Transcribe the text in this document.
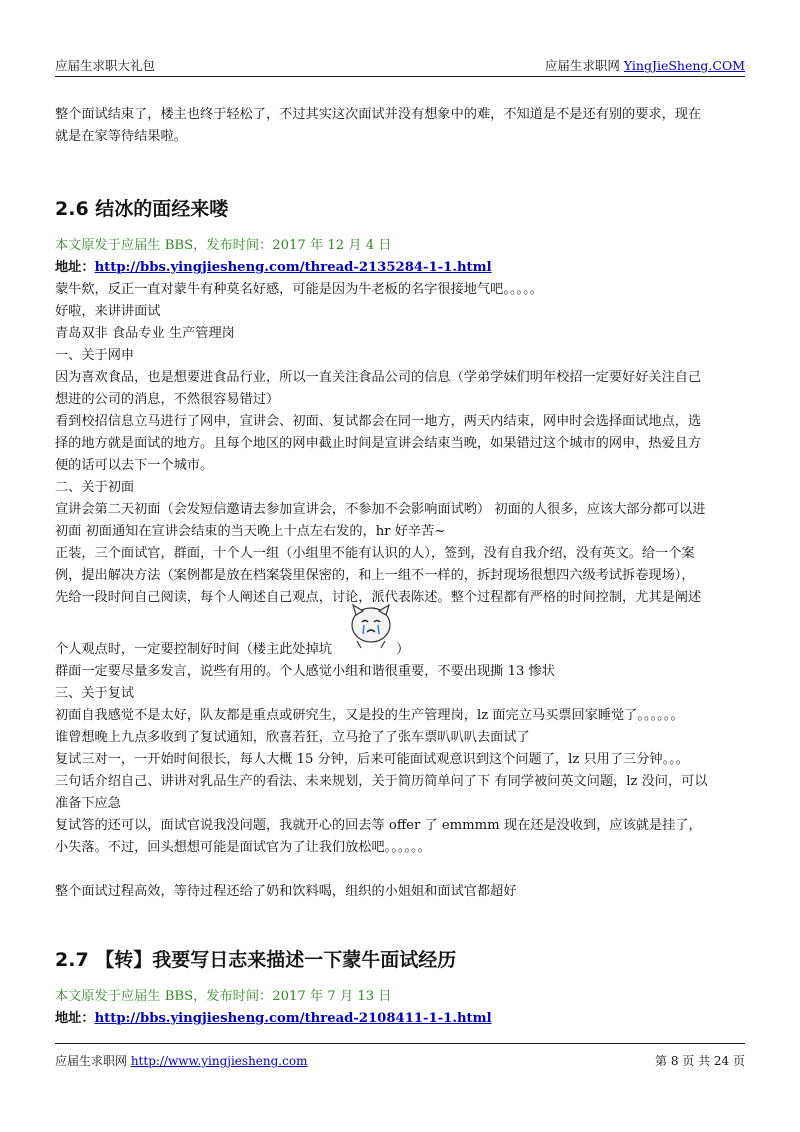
应届生求职大礼包	应届生求职网 YingJieSheng.COM

整个面试结束了，楼主也终于轻松了，不过其实这次面试并没有想象中的难，不知道是不是还有别的要求，现在

就是在家等待结果啦。

2.6 结冰的面经来喽

本文原发于应届生 BBS，发布时间：2017 年 12 月 4 日

地址：http://bbs.yingjiesheng.com/thread-2135284-1-1.html

蒙牛欸，反正一直对蒙牛有种莫名好感，可能是因为牛老板的名字很接地气吧。。。。。

好啦，来讲讲面试

青岛双非 食品专业 生产管理岗

一、关于网申

因为喜欢食品，也是想要进食品行业，所以一直关注食品公司的信息（学弟学妹们明年校招一定要好好关注自己

想进的公司的消息，不然很容易错过）

看到校招信息立马进行了网申，宣讲会、初面、复试都会在同一地方，两天内结束，网申时会选择面试地点，选

择的地方就是面试的地方。且每个地区的网申截止时间是宣讲会结束当晚，如果错过这个城市的网申，热爱且方

便的话可以去下一个城市。

二、关于初面

宣讲会第二天初面（会发短信邀请去参加宣讲会，不参加不会影响面试哟） 初面的人很多，应该大部分都可以进

初面 初面通知在宣讲会结束的当天晚上十点左右发的，hr 好辛苦~

正装，三个面试官，群面，十个人一组（小组里不能有认识的人），签到，没有自我介绍，没有英文。给一个案

例，提出解决方法（案例都是放在档案袋里保密的，和上一组不一样的，拆封现场很想四六级考试拆卷现场），

先给一段时间自己阅读，每个人阐述自己观点，讨论，派代表陈述。整个过程都有严格的时间控制，尤其是阐述

个人观点时，一定要控制好时间（楼主此处掉坑	）

群面一定要尽量多发言，说些有用的。个人感觉小组和谐很重要，不要出现撕 13 惨状

三、关于复试

初面自我感觉不是太好，队友都是重点或研究生，又是投的生产管理岗，lz 面完立马买票回家睡觉了。。。。。。

谁曾想晚上九点多收到了复试通知，欣喜若狂，立马抢了了张车票叭叭叭去面试了

复试三对一，一开始时间很长，每人大概 15 分钟，后来可能面试观意识到这个问题了，lz 只用了三分钟。。。

三句话介绍自己、讲讲对乳品生产的看法、未来规划，关于简历简单问了下 有同学被问英文问题，lz 没问，可以

准备下应急

复试答的还可以，面试官说我没问题，我就开心的回去等 offer 了 emmmm 现在还是没收到，应该就是挂了，

小失落。不过，回头想想可能是面试官为了让我们放松吧。。。。。。

整个面试过程高效，等待过程还给了奶和饮料喝，组织的小姐姐和面试官都超好

2.7 【转】我要写日志来描述一下蒙牛面试经历

本文原发于应届生 BBS，发布时间：2017 年 7 月 13 日

地址：http://bbs.yingjiesheng.com/thread-2108411-1-1.html

应届生求职网 http://www.yingjiesheng.com	第 8 页 共 24 页
